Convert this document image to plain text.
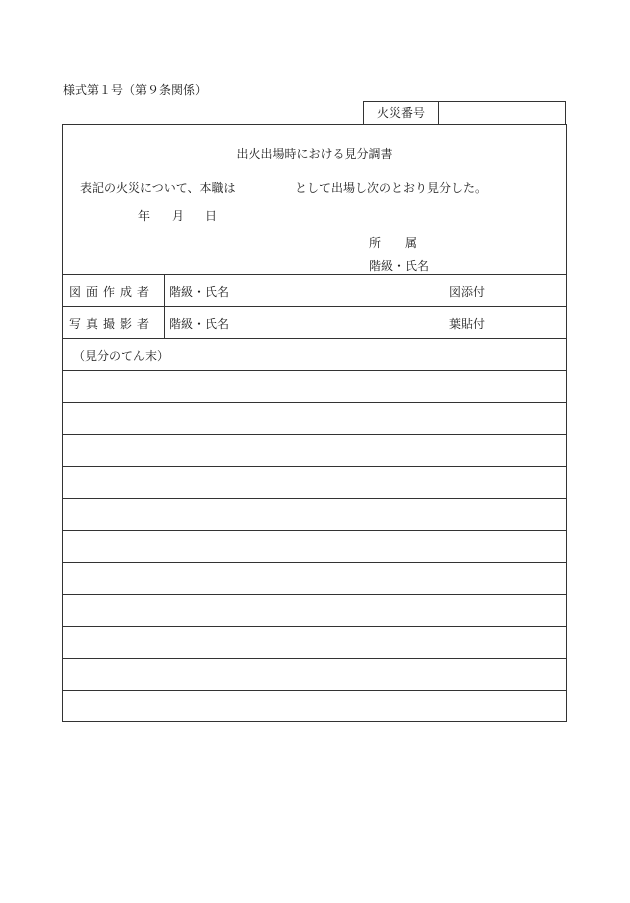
様式第１号（第９条関係）
火災番号
出火出場時における見分調書
表記の火災について、本職は	として出場し次のとおり見分した。
年 月 日
所　　属
階級・氏名
図面作成者 階級・氏名	図添付
写真撮影者 階級・氏名	葉貼付
（見分のてん末）
